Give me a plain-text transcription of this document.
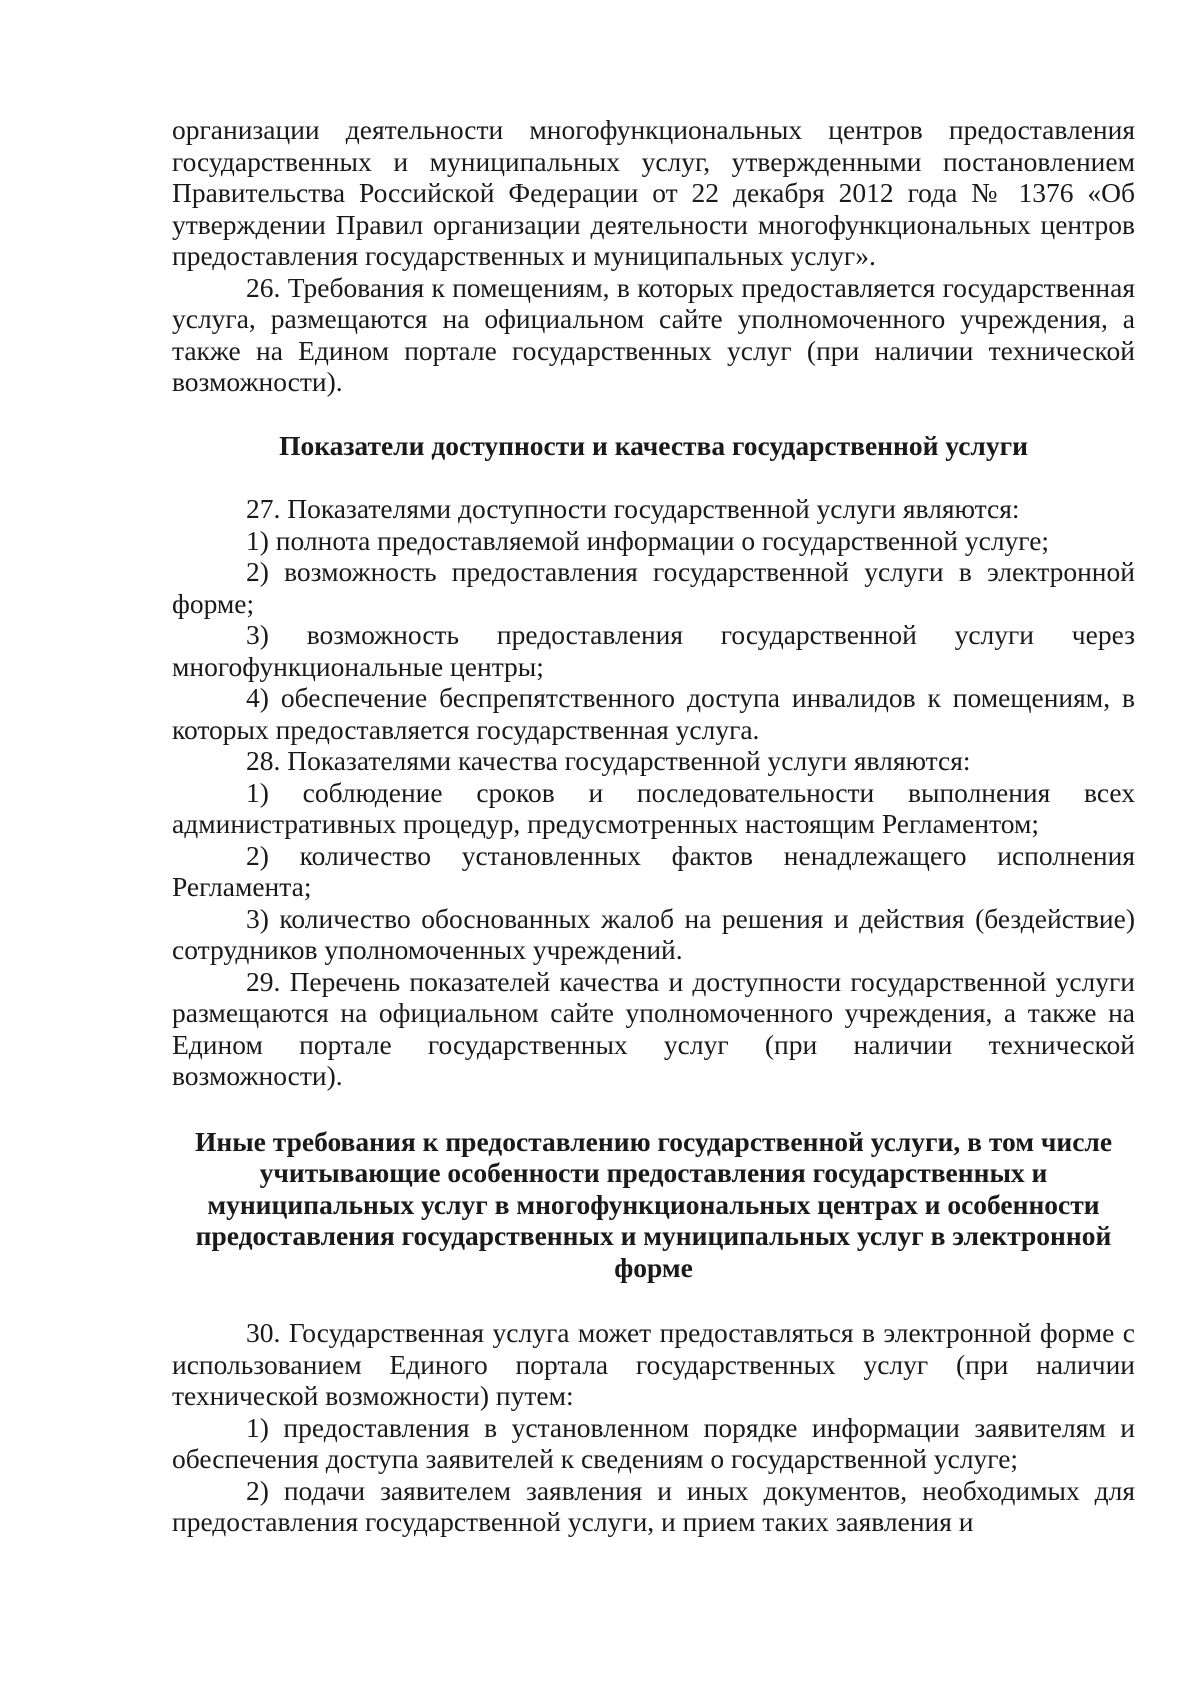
организации деятельности многофункциональных центров предоставления государственных и муниципальных услуг, утвержденными постановлением Правительства Российской Федерации от 22 декабря 2012 года № 1376 «Об утверждении Правил организации деятельности многофункциональных центров предоставления государственных и муниципальных услуг».

26. Требования к помещениям, в которых предоставляется государственная услуга, размещаются на официальном сайте уполномоченного учреждения, а также на Едином портале государственных услуг (при наличии технической возможности).

Показатели доступности и качества государственной услуги

27. Показателями доступности государственной услуги являются:

1) полнота предоставляемой информации о государственной услуге;

2) возможность предоставления государственной услуги в электронной форме;

3) возможность предоставления государственной услуги через многофункциональные центры;

4) обеспечение беспрепятственного доступа инвалидов к помещениям, в которых предоставляется государственная услуга.

28. Показателями качества государственной услуги являются:

1) соблюдение сроков и последовательности выполнения всех административных процедур, предусмотренных настоящим Регламентом;

2) количество установленных фактов ненадлежащего исполнения Регламента;

3) количество обоснованных жалоб на решения и действия (бездействие) сотрудников уполномоченных учреждений.

29. Перечень показателей качества и доступности государственной услуги размещаются на официальном сайте уполномоченного учреждения, а также на Едином портале государственных услуг (при наличии технической возможности).

Иные требования к предоставлению государственной услуги, в том числе учитывающие особенности предоставления государственных и муниципальных услуг в многофункциональных центрах и особенности предоставления государственных и муниципальных услуг в электронной форме

30. Государственная услуга может предоставляться в электронной форме с использованием Единого портала государственных услуг (при наличии технической возможности) путем:

1) предоставления в установленном порядке информации заявителям и обеспечения доступа заявителей к сведениям о государственной услуге;

2) подачи заявителем заявления и иных документов, необходимых для предоставления государственной услуги, и прием таких заявления и
